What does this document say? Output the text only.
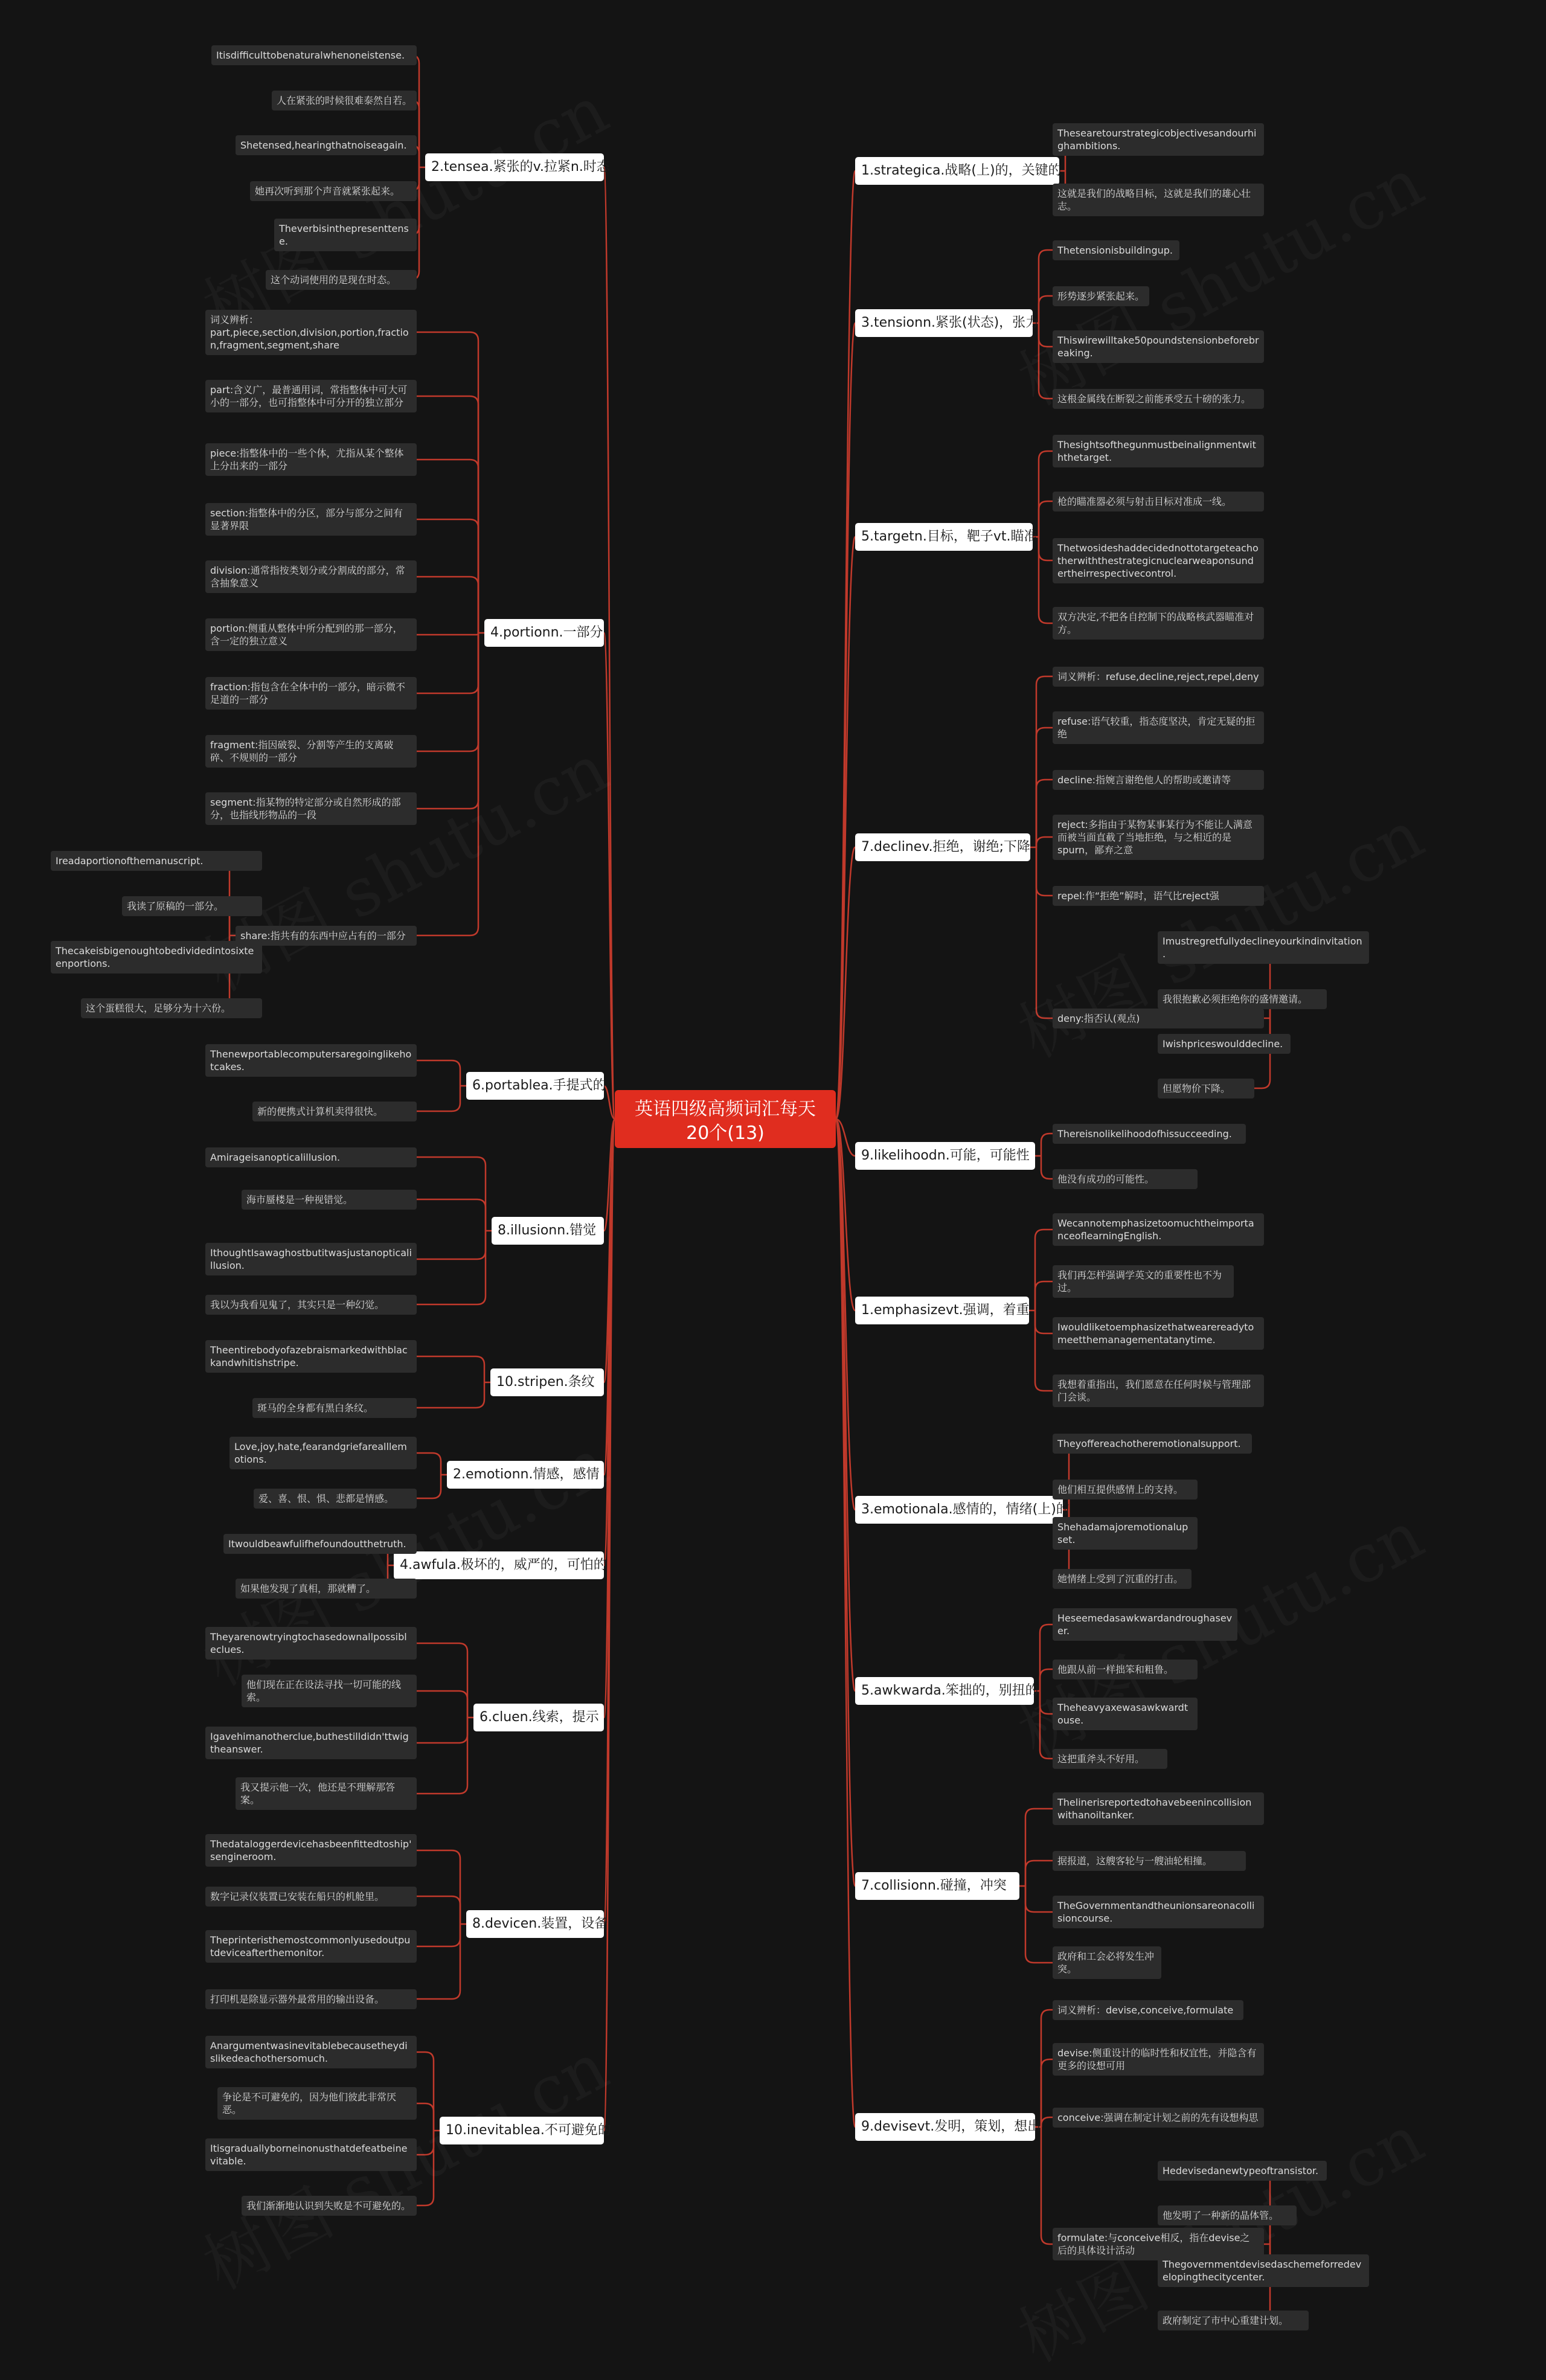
英语四级高频词汇每天20个(13)
1.strategica.战略(上)的，关键的
Thesearetourstrategicobjectivesandourhighambitions.
这就是我们的战略目标，这就是我们的雄心壮志。
3.tensionn.紧张(状态)，张力
Thetensionisbuildingup.
形势逐步紧张起来。
Thiswirewilltake50poundstensionbeforebreaking.
这根金属线在断裂之前能承受五十磅的张力。
5.targetn.目标，靶子vt.瞄准
Thesightsofthegunmustbeinalignmentwiththetarget.
枪的瞄准器必须与射击目标对准成一线。
Thetwosideshaddecidednottotargeteachotherwiththestrategicnuclearweaponsundertheirrespectivecontrol.
双方决定,不把各自控制下的战略核武器瞄准对方。
7.declinev.拒绝，谢绝;下降
词义辨析：refuse,decline,reject,repel,deny
refuse:语气较重，指态度坚决，肯定无疑的拒绝
decline:指婉言谢绝他人的帮助或邀请等
reject:多指由于某物某事某行为不能让人满意而被当面直截了当地拒绝，与之相近的是spurn，鄙弃之意
repel:作“拒绝”解时，语气比reject强
deny:指否认(观点)
Imustregretfullydeclineyourkindinvitation.
我很抱歉必须拒绝你的盛情邀请。
Iwishpriceswoulddecline.
但愿物价下降。
9.likelihoodn.可能，可能性
Thereisnolikelihoodofhissucceeding.
他没有成功的可能性。
1.emphasizevt.强调，着重
WecannotemphasizetoomuchtheimportanceoflearningEnglish.
我们再怎样强调学英文的重要性也不为过。
Iwouldliketoemphasizethatwearereadytomeetthemanagementatanytime.
我想着重指出，我们愿意在任何时候与管理部门会谈。
3.emotionala.感情的，情绪(上)的
Theyoffereachotheremotionalsupport.
他们相互提供感情上的支持。
Shehadamajoremotionalupset.
她情绪上受到了沉重的打击。
5.awkwarda.笨拙的，别扭的
Heseemedasawkwardandroughasever.
他跟从前一样拙笨和粗鲁。
Theheavyaxewasawkwardtouse.
这把重斧头不好用。
7.collisionn.碰撞，冲突
Thelinerisreportedtohavebeenincollisionwithanoiltanker.
据报道，这艘客轮与一艘油轮相撞。
TheGovernmentandtheunionsareonacollisioncourse.
政府和工会必将发生冲突。
9.devisevt.发明，策划，想出
词义辨析：devise,conceive,formulate
devise:侧重设计的临时性和权宜性，并隐含有更多的设想可用
conceive:强调在制定计划之前的先有设想构思
formulate:与conceive相反，指在devise之后的具体设计活动
Hedevisedanewtypeoftransistor.
他发明了一种新的晶体管。
Thegovernmentdevisedaschemeforredevelopingthecitycenter.
政府制定了市中心重建计划。
2.tensea.紧张的v.拉紧n.时态
Itisdifficulttobenaturalwhenoneistense.
人在紧张的时候很难泰然自若。
Shetensed,hearingthatnoiseagain.
她再次听到那个声音就紧张起来。
Theverbisinthepresenttense.
这个动词使用的是现在时态。
4.portionn.一部分
词义辨析：part,piece,section,division,portion,fraction,fragment,segment,share
part:含义广，最普通用词，常指整体中可大可小的一部分，也可指整体中可分开的独立部分
piece:指整体中的一些个体，尤指从某个整体上分出来的一部分
section:指整体中的分区，部分与部分之间有显著界限
division:通常指按类划分或分割成的部分，常含抽象意义
portion:侧重从整体中所分配到的那一部分，含一定的独立意义
fraction:指包含在全体中的一部分，暗示微不足道的一部分
fragment:指因破裂、分割等产生的支离破碎、不规则的一部分
segment:指某物的特定部分或自然形成的部分，也指线形物品的一段
share:指共有的东西中应占有的一部分
Ireadaportionofthemanuscript.
我读了原稿的一部分。
Thecakeisbigenoughtobedividedintosixteenportions.
这个蛋糕很大，足够分为十六份。
6.portablea.手提式的
Thenewportablecomputersaregoinglikehotcakes.
新的便携式计算机卖得很快。
8.illusionn.错觉
Amirageisanopticalillusion.
海市蜃楼是一种视错觉。
IthoughtIsawaghostbutitwasjustanopticalillusion.
我以为我看见鬼了，其实只是一种幻觉。
10.stripen.条纹
Theentirebodyofazebraismarkedwithblackandwhitishstripe.
斑马的全身都有黑白条纹。
2.emotionn.情感，感情
Love,joy,hate,fearandgriefarealllemotions.
爱、喜、恨、惧、悲都是情感。
4.awfula.极坏的，威严的，可怕的
Itwouldbeawfulifhefoundoutthetruth.
如果他发现了真相，那就糟了。
6.cluen.线索，提示
Theyarenowtryingtochasedownallpossibleclues.
他们现在正在设法寻找一切可能的线索。
Igavehimanotherclue,buthestilldidn'ttwigtheanswer.
我又提示他一次，他还是不理解那答案。
8.devicen.装置，设备
Thedataloggerdevicehasbeenfittedtoship'sengineroom.
数字记录仪装置已安装在船只的机舱里。
Theprinteristhemostcommonlyusedoutputdeviceafterthemonitor.
打印机是除显示器外最常用的输出设备。
10.inevitablea.不可避免的
Anargumentwasinevitablebecausetheydislikedeachothersomuch.
争论是不可避免的，因为他们彼此非常厌恶。
Itisgraduallyborneinonusthatdefeatbeinevitable.
我们渐渐地认识到失败是不可避免的。
